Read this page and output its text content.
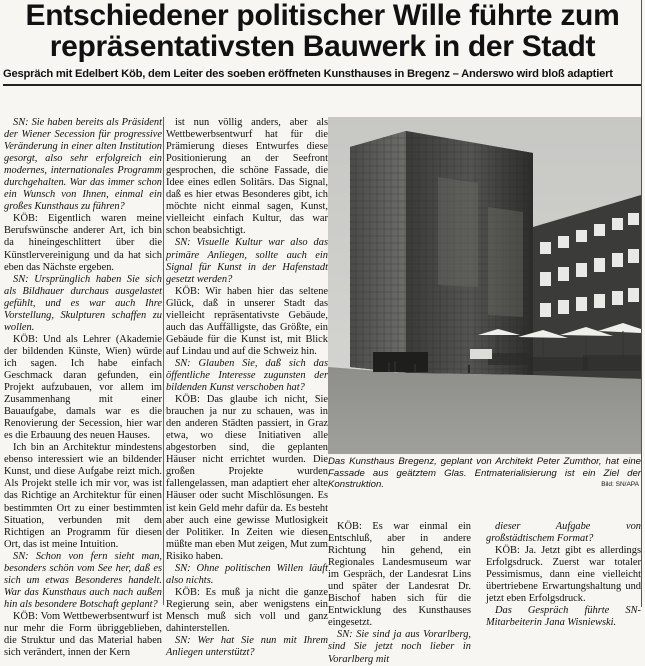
Entschiedener politischer Wille führte zum
repräsentativsten Bauwerk in der Stadt
Gespräch mit Edelbert Köb, dem Leiter des soeben eröffneten Kunsthauses in Bregenz – Anderswo wird bloß adaptiert

SN: Sie haben bereits als Präsident der Wiener Secession für progressive Veränderung in einer alten Institution gesorgt, also sehr erfolgreich ein modernes, internationales Programm durchgehalten. War das immer schon ein Wunsch von Ihnen, einmal ein großes Kunsthaus zu führen?

KÖB: Eigentlich waren meine Berufswünsche anderer Art, ich bin da hineingeschlittert über die Künstlervereinigung und da hat sich eben das Nächste ergeben.

SN: Ursprünglich haben Sie sich als Bildhauer durchaus ausgelastet gefühlt, und es war auch Ihre Vorstellung, Skulpturen schaffen zu wollen.

KÖB: Und als Lehrer (Akademie der bildenden Künste, Wien) würde ich sagen. Ich habe einfach Geschmack daran gefunden, ein Projekt aufzubauen, vor allem im Zusammenhang mit einer Bauaufgabe, damals war es die Renovierung der Secession, hier war es die Erbauung des neuen Hauses.

Ich bin an Architektur mindestens ebenso interessiert wie an bildender Kunst, und diese Aufgabe reizt mich. Als Projekt stelle ich mir vor, was ist das Richtige an Architektur für einen bestimmten Ort zu einer bestimmten Situation, verbunden mit dem Richtigen an Programm für diesen Ort, das ist meine Intuition.

SN: Schon von fern sieht man, besonders schön vom See her, daß es sich um etwas Besonderes handelt. War das Kunsthaus auch nach außen hin als besondere Botschaft geplant?

KÖB: Vom Wettbewerbsentwurf ist nur mehr die Form übriggeblieben, die Struktur und das Material haben sich verändert, innen der Kern

ist nun völlig anders, aber als Wettbewerbsentwurf hat für die Prämierung dieses Entwurfes diese Positionierung an der Seefront gesprochen, die schöne Fassade, die Idee eines edlen Solitärs. Das Signal, daß es hier etwas Besonderes gibt, ich möchte nicht einmal sagen, Kunst, vielleicht einfach Kultur, das war schon beabsichtigt.

SN: Visuelle Kultur war also das primäre Anliegen, sollte auch ein Signal für Kunst in der Hafenstadt gesetzt werden?

KÖB: Wir haben hier das seltene Glück, daß in unserer Stadt das vielleicht repräsentativste Gebäude, auch das Auffälligste, das Größte, ein Gebäude für die Kunst ist, mit Blick auf Lindau und auf die Schweiz hin.

SN: Glauben Sie, daß sich das öffentliche Interesse zugunsten der bildenden Kunst verschoben hat?

KÖB: Das glaube ich nicht, Sie brauchen ja nur zu schauen, was in den anderen Städten passiert, in Graz etwa, wo diese Initiativen alle abgestorben sind, die geplanten Häuser nicht errichtet wurden. Die großen Projekte wurden fallengelassen, man adaptiert eher alte Häuser oder sucht Mischlösungen. Es ist kein Geld mehr dafür da. Es besteht aber auch eine gewisse Mutlosigkeit der Politiker. In Zeiten wie diesen müßte man eben Mut zeigen, Mut zum Risiko haben.

SN: Ohne politischen Willen läuft also nichts.

KÖB: Es muß ja nicht die ganze Regierung sein, aber wenigstens ein Mensch muß sich voll und ganz dahinterstellen.

SN: Wer hat Sie nun mit Ihrem Anliegen unterstützt?

Das Kunsthaus Bregenz, geplant von Architekt Peter Zumthor, hat eine Fassade aus geätztem Glas. Entmaterialisierung ist ein Ziel der Konstruktion.	Bild: SN/APA

KÖB: Es war einmal ein Entschluß, aber in andere Richtung hin gehend, ein Regionales Landesmuseum war im Gespräch, der Landesrat Lins und später der Landesrat Dr. Bischof haben sich für die Entwicklung des Kunsthauses eingesetzt.

SN: Sie sind ja aus Vorarlberg, sind Sie jetzt noch lieber in Vorarlberg mit

dieser Aufgabe von großstädtischem Format?

KÖB: Ja. Jetzt gibt es allerdings Erfolgsdruck. Zuerst war totaler Pessimismus, dann eine vielleicht übertriebene Erwartungshaltung und jetzt eben Erfolgsdruck.

Das Gespräch führte SN-Mitarbeiterin Jana Wisniewski.
